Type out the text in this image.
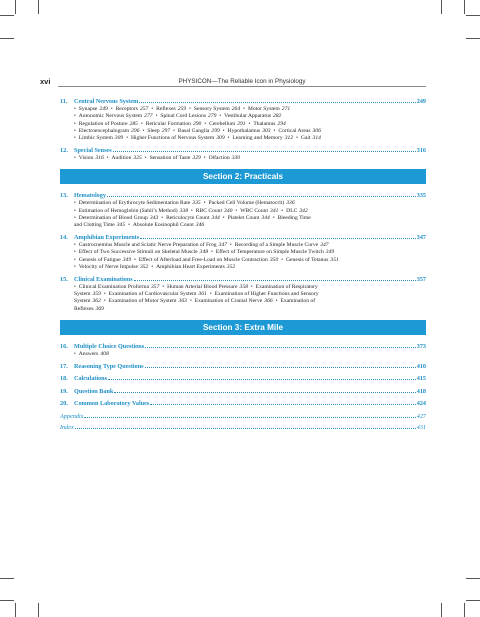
xvi	PHYSICON—The Reliable Icon in Physiology
11.	Central Nervous System	249
• Synapse 249 • Receptors 257 • Reflexes 259 • Sensory System 264 • Motor System 271
• Autonomic Nervous System 277 • Spinal Cord Lesions 279 • Vestibular Apparatus 282
• Regulation of Posture 285 • Reticular Formation 290 • Cerebellum 291 • Thalamus 294
• Electroencephalogram 296 • Sleep 297 • Basal Ganglia 299 • Hypothalamus 303 • Cortical Areas 306
• Limbic System 309 • Higher Functions of Nervous System 309 • Learning and Memory 312 • Gait 314
12.	Special Senses	316
• Vision 316 • Audition 325 • Sensation of Taste 329 • Olfaction 330
Section 2: Practicals
13.	Hematology	335
• Determination of Erythrocyte Sedimentation Rate 335 • Packed Cell Volume (Hematocrit) 336
• Estimation of Hemoglobin (Sahli’s Method) 338 • RBC Count 340 • WBC Count 341 • DLC 342
• Determination of Blood Group 343 • Reticulocyte Count 344 • Platelet Count 344 • Bleeding Time
and Clotting Time 345 • Absolute Eosinophil Count 346
14.	Amphibian Experiments	347
• Gastrocnemius Muscle and Sciatic Nerve Preparation of Frog 347 • Recording of a Simple Muscle Curve 347
• Effect of Two Successive Stimuli on Skeletal Muscle 348 • Effect of Temperature on Simple Muscle Twitch 349
• Genesis of Fatigue 349 • Effect of Afterload and Free-Load on Muscle Contraction 350 • Genesis of Tetanus 351
• Velocity of Nerve Impulse 352 • Amphibian Heart Experiments 352
15.	Clinical Examinations	357
• Clinical Examination Proforma 357 • Human Arterial Blood Pressure 358 • Examination of Respiratory
System 359 • Examination of Cardiovascular System 361 • Examination of Higher Functions and Sensory
System 362 • Examination of Motor System 363 • Examination of Cranial Nerve 366 • Examination of
Reflexes 369
Section 3: Extra Mile
16.	Multiple Choice Questions	373
• Answers 408
17.	Reasoning Type Questions	410
18.	Calculations	415
19.	Question Bank	418
20.	Common Laboratory Values	424
Appendix	427
Index	431
